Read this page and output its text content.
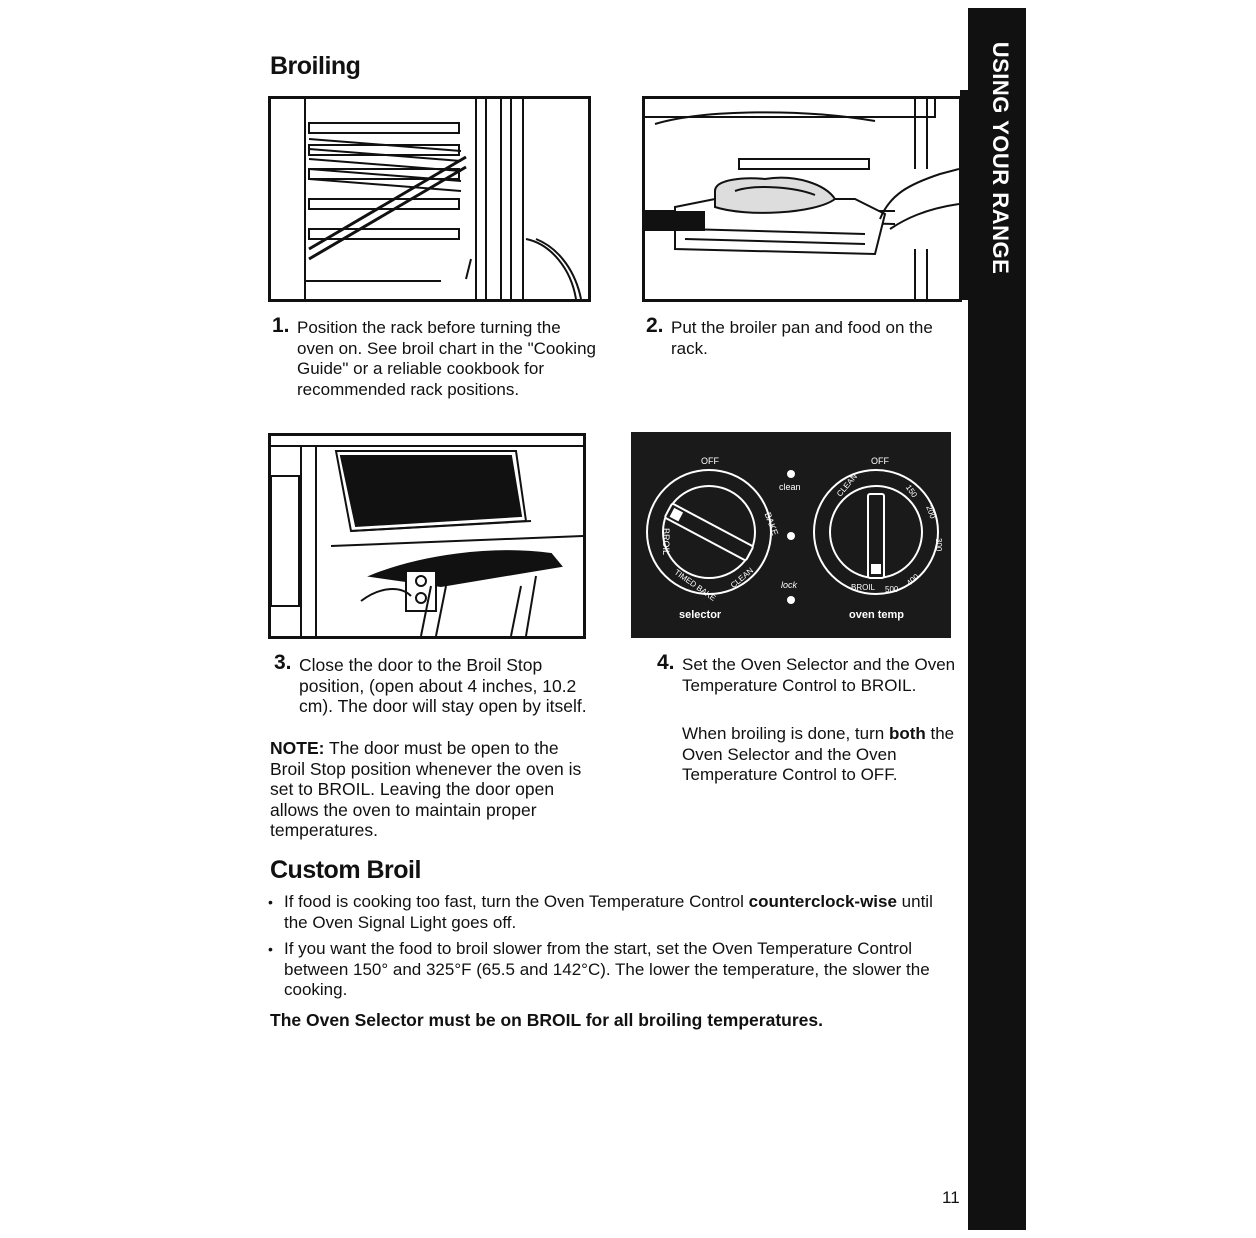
Broiling
OFF	OFF
BROIL
BAKE
TIMED BAKE CLEAN
clean
lock
CLEAN	150
200
300
400
500
BROIL
selector	oven temp
1. Position the rack before turning the oven on. See broil chart in the "Cooking Guide" or a reliable cookbook for recommended rack positions.
2. Put the broiler pan and food on the rack.
3. Close the door to the Broil Stop position, (open about 4 inches, 10.2 cm). The door will stay open by itself.
4. Set the Oven Selector and the Oven Temperature Control to BROIL.
NOTE: The door must be open to the Broil Stop position whenever the oven is set to BROIL. Leaving the door open allows the oven to maintain proper temperatures.
When broiling is done, turn both the Oven Selector and the Oven Temperature Control to OFF.
Custom Broil
• If food is cooking too fast, turn the Oven Temperature Control counterclock-wise until the Oven Signal Light goes off.
• If you want the food to broil slower from the start, set the Oven Temperature Control between 150° and 325°F (65.5 and 142°C). The lower the temperature, the slower the cooking.
The Oven Selector must be on BROIL for all broiling temperatures.
USING YOUR RANGE
11
